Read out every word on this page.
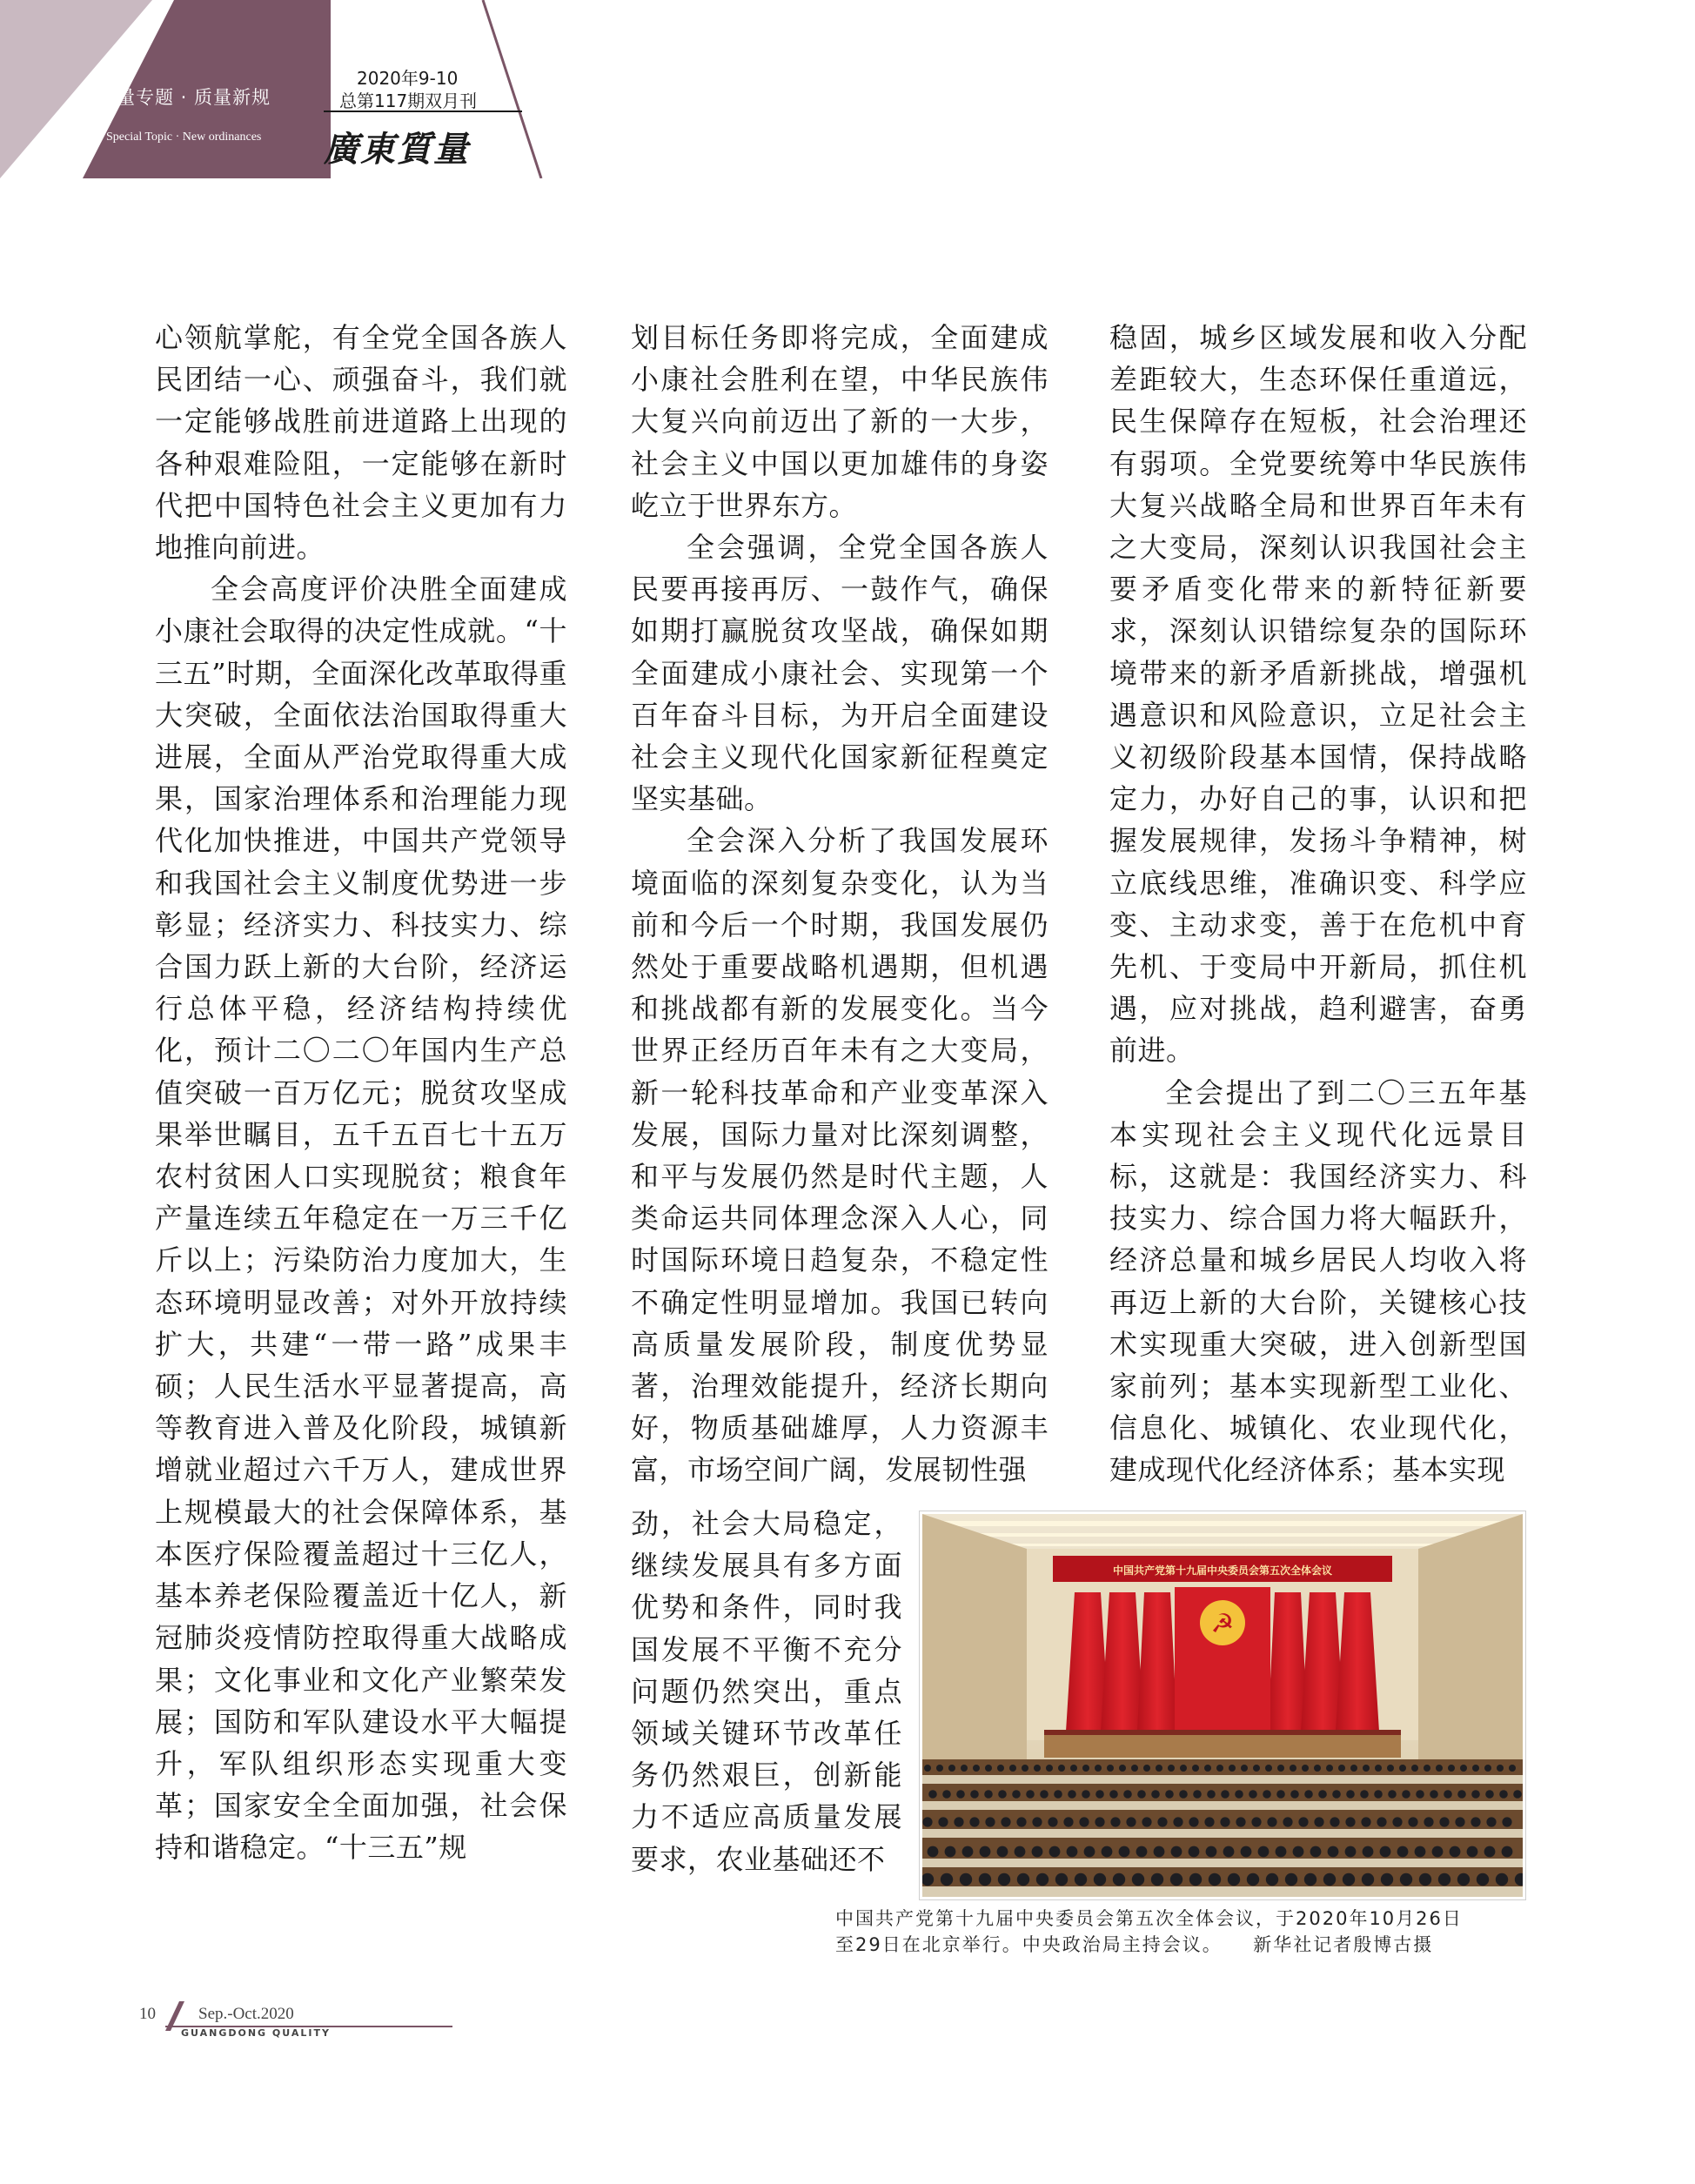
质量专题 · 质量新规
Special Topic · New ordinances
2020年9-10
总第117期双月刊
廣東質量

心领航掌舵，有全党全国各族人民团结一心、顽强奋斗，我们就一定能够战胜前进道路上出现的各种艰难险阻，一定能够在新时代把中国特色社会主义更加有力地推向前进。

全会高度评价决胜全面建成小康社会取得的决定性成就。“十三五”时期，全面深化改革取得重大突破，全面依法治国取得重大进展，全面从严治党取得重大成果，国家治理体系和治理能力现代化加快推进，中国共产党领导和我国社会主义制度优势进一步彰显；经济实力、科技实力、综合国力跃上新的大台阶，经济运行总体平稳，经济结构持续优化，预计二〇二〇年国内生产总值突破一百万亿元；脱贫攻坚成果举世瞩目，五千五百七十五万农村贫困人口实现脱贫；粮食年产量连续五年稳定在一万三千亿斤以上；污染防治力度加大，生态环境明显改善；对外开放持续扩大，共建“一带一路”成果丰硕；人民生活水平显著提高，高等教育进入普及化阶段，城镇新增就业超过六千万人，建成世界上规模最大的社会保障体系，基本医疗保险覆盖超过十三亿人，基本养老保险覆盖近十亿人，新冠肺炎疫情防控取得重大战略成果；文化事业和文化产业繁荣发展；国防和军队建设水平大幅提升，军队组织形态实现重大变革；国家安全全面加强，社会保持和谐稳定。“十三五”规

划目标任务即将完成，全面建成小康社会胜利在望，中华民族伟大复兴向前迈出了新的一大步，社会主义中国以更加雄伟的身姿屹立于世界东方。

全会强调，全党全国各族人民要再接再厉、一鼓作气，确保如期打赢脱贫攻坚战，确保如期全面建成小康社会、实现第一个百年奋斗目标，为开启全面建设社会主义现代化国家新征程奠定坚实基础。

全会深入分析了我国发展环境面临的深刻复杂变化，认为当前和今后一个时期，我国发展仍然处于重要战略机遇期，但机遇和挑战都有新的发展变化。当今世界正经历百年未有之大变局，新一轮科技革命和产业变革深入发展，国际力量对比深刻调整，和平与发展仍然是时代主题，人类命运共同体理念深入人心，同时国际环境日趋复杂，不稳定性不确定性明显增加。我国已转向高质量发展阶段，制度优势显著，治理效能提升，经济长期向好，物质基础雄厚，人力资源丰富，市场空间广阔，发展韧性强

劲，社会大局稳定，继续发展具有多方面优势和条件，同时我国发展不平衡不充分问题仍然突出，重点领域关键环节改革任务仍然艰巨，创新能力不适应高质量发展要求，农业基础还不

稳固，城乡区域发展和收入分配差距较大，生态环保任重道远，民生保障存在短板，社会治理还有弱项。全党要统筹中华民族伟大复兴战略全局和世界百年未有之大变局，深刻认识我国社会主要矛盾变化带来的新特征新要求，深刻认识错综复杂的国际环境带来的新矛盾新挑战，增强机遇意识和风险意识，立足社会主义初级阶段基本国情，保持战略定力，办好自己的事，认识和把握发展规律，发扬斗争精神，树立底线思维，准确识变、科学应变、主动求变，善于在危机中育先机、于变局中开新局，抓住机遇，应对挑战，趋利避害，奋勇前进。

全会提出了到二〇三五年基本实现社会主义现代化远景目标，这就是：我国经济实力、科技实力、综合国力将大幅跃升，经济总量和城乡居民人均收入将再迈上新的大台阶，关键核心技术实现重大突破，进入创新型国家前列；基本实现新型工业化、信息化、城镇化、农业现代化，建成现代化经济体系；基本实现

☭
中国共产党第十九届中央委员会第五次全体会议

中国共产党第十九届中央委员会第五次全体会议，于2020年10月26日

至29日在北京举行。中央政治局主持会议。　　新华社记者殷博古摄

10	Sep.-Oct.2020
GUANGDONG QUALITY
